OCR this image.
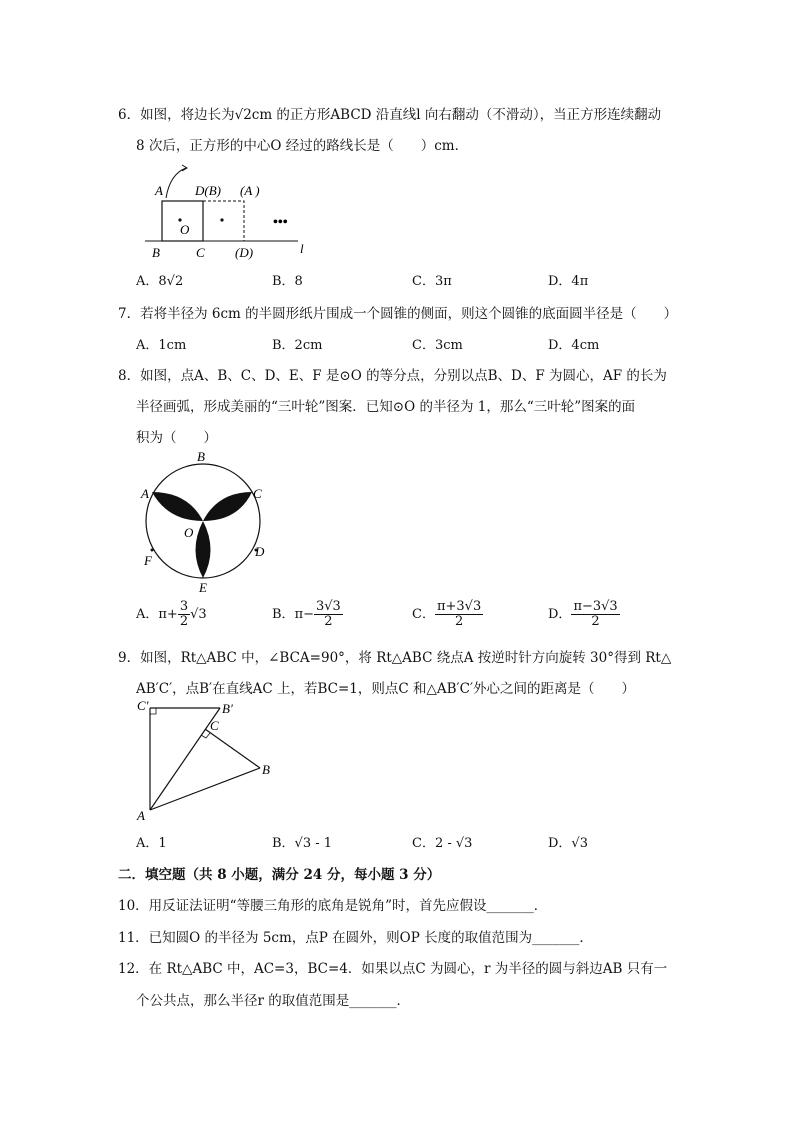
6．如图，将边长为√2cm 的正方形ABCD 沿直线l 向右翻动（不滑动），当正方形连续翻动
8 次后，正方形的中心O 经过的路线长是（　　）cm．
A D(B) (A )
O
B	C (D)	l
•••
A．8√2	B．8	C．3π	D．4π
7．若将半径为 6cm 的半圆形纸片围成一个圆锥的侧面，则这个圆锥的底面圆半径是（　　）
A．1cm	B．2cm	C．3cm	D．4cm
8．如图，点A、B、C、D、E、F 是⊙O 的等分点，分别以点B、D、F 为圆心，AF 的长为
半径画弧，形成美丽的“三叶轮”图案．已知⊙O 的半径为 1，那么“三叶轮”图案的面
积为（　　）
B
A	C
O
D
F
E
A．$\pi+ \frac{3}{2} √3$	B．$\pi- \frac{3√3}{2}$	C． $\frac{\pi+3√3}{2}$	D． $\frac{\pi-3√3}{2}$
9．如图，Rt△ABC 中，∠BCA=90°，将 Rt△ABC 绕点A 按逆时针方向旋转 30°得到 Rt△
AB′C′，点B′在直线AC 上，若BC=1，则点C 和△AB′C′外心之间的距离是（　　）
C′	B′
C
B
A
A．1	B．√3 - 1	C．2 - √3	D．√3
二．填空题（共 8 小题，满分 24 分，每小题 3 分）
10．用反证法证明“等腰三角形的底角是锐角”时，首先应假设_______．
11．已知圆O 的半径为 5cm，点P 在圆外，则OP 长度的取值范围为_______．
12．在 Rt△ABC 中，AC=3，BC=4．如果以点C 为圆心，r 为半径的圆与斜边AB 只有一
个公共点，那么半径r 的取值范围是_______．
